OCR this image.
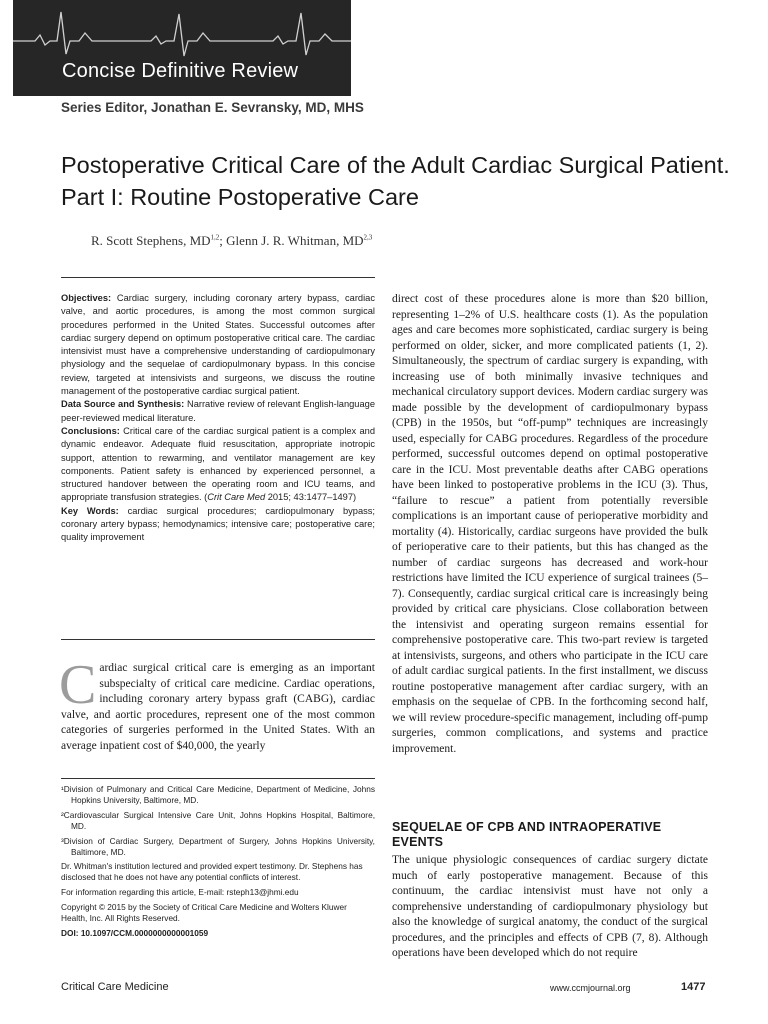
Concise Definitive Review
Series Editor, Jonathan E. Sevransky, MD, MHS
Postoperative Critical Care of the Adult Cardiac Surgical Patient. Part I: Routine Postoperative Care
R. Scott Stephens, MD$^{1,2}$; Glenn J. R. Whitman, MD$^{2,3}$

Objectives: Cardiac surgery, including coronary artery bypass, cardiac valve, and aortic procedures, is among the most common surgical procedures performed in the United States. Successful outcomes after cardiac surgery depend on optimum postoperative critical care. The cardiac intensivist must have a comprehensive understanding of cardiopulmonary physiology and the sequelae of cardiopulmonary bypass. In this concise review, targeted at intensivists and surgeons, we discuss the routine management of the postoperative cardiac surgical patient.

Data Source and Synthesis: Narrative review of relevant English-language peer-reviewed medical literature.

Conclusions: Critical care of the cardiac surgical patient is a complex and dynamic endeavor. Adequate fluid resuscitation, appropriate inotropic support, attention to rewarming, and ventilator management are key components. Patient safety is enhanced by experienced personnel, a structured handover between the operating room and ICU teams, and appropriate transfusion strategies. (Crit Care Med 2015; 43:1477–1497)

Key Words: cardiac surgical procedures; cardiopulmonary bypass; coronary artery bypass; hemodynamics; intensive care; postoperative care; quality improvement

Cardiac surgical critical care is emerging as an important subspecialty of critical care medicine. Cardiac operations, including coronary artery bypass graft (CABG), cardiac valve, and aortic procedures, represent one of the most common categories of surgeries performed in the United States. With an average inpatient cost of $40,000, the yearly

¹Division of Pulmonary and Critical Care Medicine, Department of Medicine, Johns Hopkins University, Baltimore, MD.

²Cardiovascular Surgical Intensive Care Unit, Johns Hopkins Hospital, Baltimore, MD.

³Division of Cardiac Surgery, Department of Surgery, Johns Hopkins University, Baltimore, MD.

Dr. Whitman's institution lectured and provided expert testimony. Dr. Stephens has disclosed that he does not have any potential conflicts of interest.

For information regarding this article, E-mail: rsteph13@jhmi.edu

Copyright © 2015 by the Society of Critical Care Medicine and Wolters Kluwer Health, Inc. All Rights Reserved.

DOI: 10.1097/CCM.0000000000001059

direct cost of these procedures alone is more than $20 billion, representing 1–2% of U.S. healthcare costs (1). As the population ages and care becomes more sophisticated, cardiac surgery is being performed on older, sicker, and more complicated patients (1, 2). Simultaneously, the spectrum of cardiac surgery is expanding, with increasing use of both minimally invasive techniques and mechanical circulatory support devices. Modern cardiac surgery was made possible by the development of cardiopulmonary bypass (CPB) in the 1950s, but “off-pump” techniques are increasingly used, especially for CABG procedures. Regardless of the procedure performed, successful outcomes depend on optimal postoperative care in the ICU. Most preventable deaths after CABG operations have been linked to postoperative problems in the ICU (3). Thus, “failure to rescue” a patient from potentially reversible complications is an important cause of perioperative morbidity and mortality (4). Historically, cardiac surgeons have provided the bulk of perioperative care to their patients, but this has changed as the number of cardiac surgeons has decreased and work-hour restrictions have limited the ICU experience of surgical trainees (5–7). Consequently, cardiac surgical critical care is increasingly being provided by critical care physicians. Close collaboration between the intensivist and operating surgeon remains essential for comprehensive postoperative care. This two-part review is targeted at intensivists, surgeons, and others who participate in the ICU care of adult cardiac surgical patients. In the first installment, we discuss routine postoperative management after cardiac surgery, with an emphasis on the sequelae of CPB. In the forthcoming second half, we will review procedure-specific management, including off-pump surgeries, common complications, and systems and practice improvement.

SEQUELAE OF CPB AND INTRAOPERATIVE EVENTS
The unique physiologic consequences of cardiac surgery dictate much of early postoperative management. Because of this continuum, the cardiac intensivist must have not only a comprehensive understanding of cardiopulmonary physiology but also the knowledge of surgical anatomy, the conduct of the surgical procedures, and the principles and effects of CPB (7, 8). Although operations have been developed which do not require
Critical Care Medicine	www.ccmjournal.org	1477
